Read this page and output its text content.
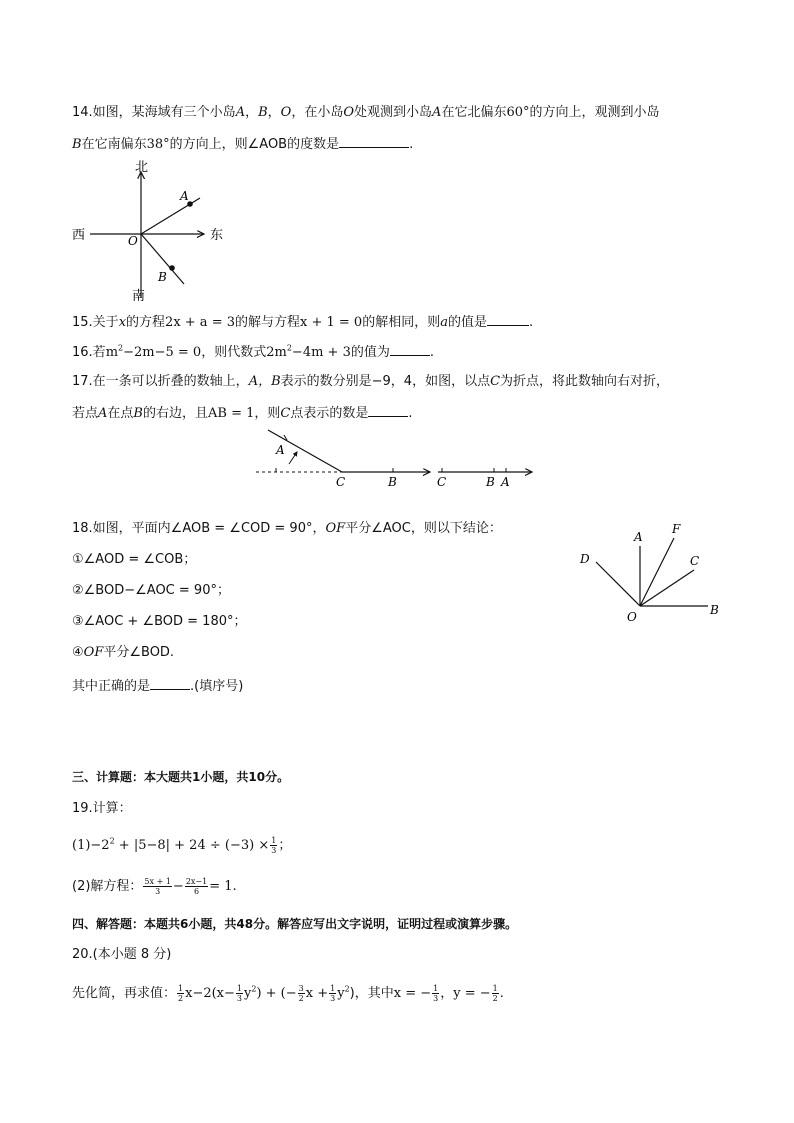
14.如图，某海域有三个小岛A，B，O，在小岛O处观测到小岛A在它北偏东60°的方向上，观测到小岛
B在它南偏东38°的方向上，则∠AOB的度数是	.
北
南
东
西	O
A
B
15.关于x的方程2x + a = 3的解与方程x + 1 = 0的解相同，则a的值是	.
16.若$m^2-2m-5 = 0$，则代数式$2m^2-4m + 3$的值为	.
17.在一条可以折叠的数轴上，A，B表示的数分别是−9，4，如图，以点C为折点，将此数轴向右对折，
若点A在点B的右边，且AB = 1，则C点表示的数是	.
A
C	B	C	B A
18.如图，平面内∠AOB = ∠COD = 90°，OF平分∠AOC，则以下结论：
①∠AOD = ∠COB；
②∠BOD−∠AOC = 90°；
③∠AOC + ∠BOD = 180°；
④OF平分∠BOD.
其中正确的是	.(填序号)
A
F
C
D
O	B
三、计算题：本大题共1小题，共10分。
19.计算：
$(1)-2^2 + |5-8| + 24 \div (-3) \times \frac{1}{3}$ ；
(2)解方程： $\frac{5x + 1}{3} - \frac{2x-1}{6} = 1$.
四、解答题：本题共6小题，共48分。解答应写出文字说明，证明过程或演算步骤。
20.(本小题 8 分)
先化简，再求值： $\frac{1}{2} x-2(x- \frac{1}{3} y^2)$ + (− $\frac{3}{2}$ $x + \frac{1}{3} y^2$)，其中x = − $\frac{1}{3}$ ，y = − $\frac{1}{2}$ .
